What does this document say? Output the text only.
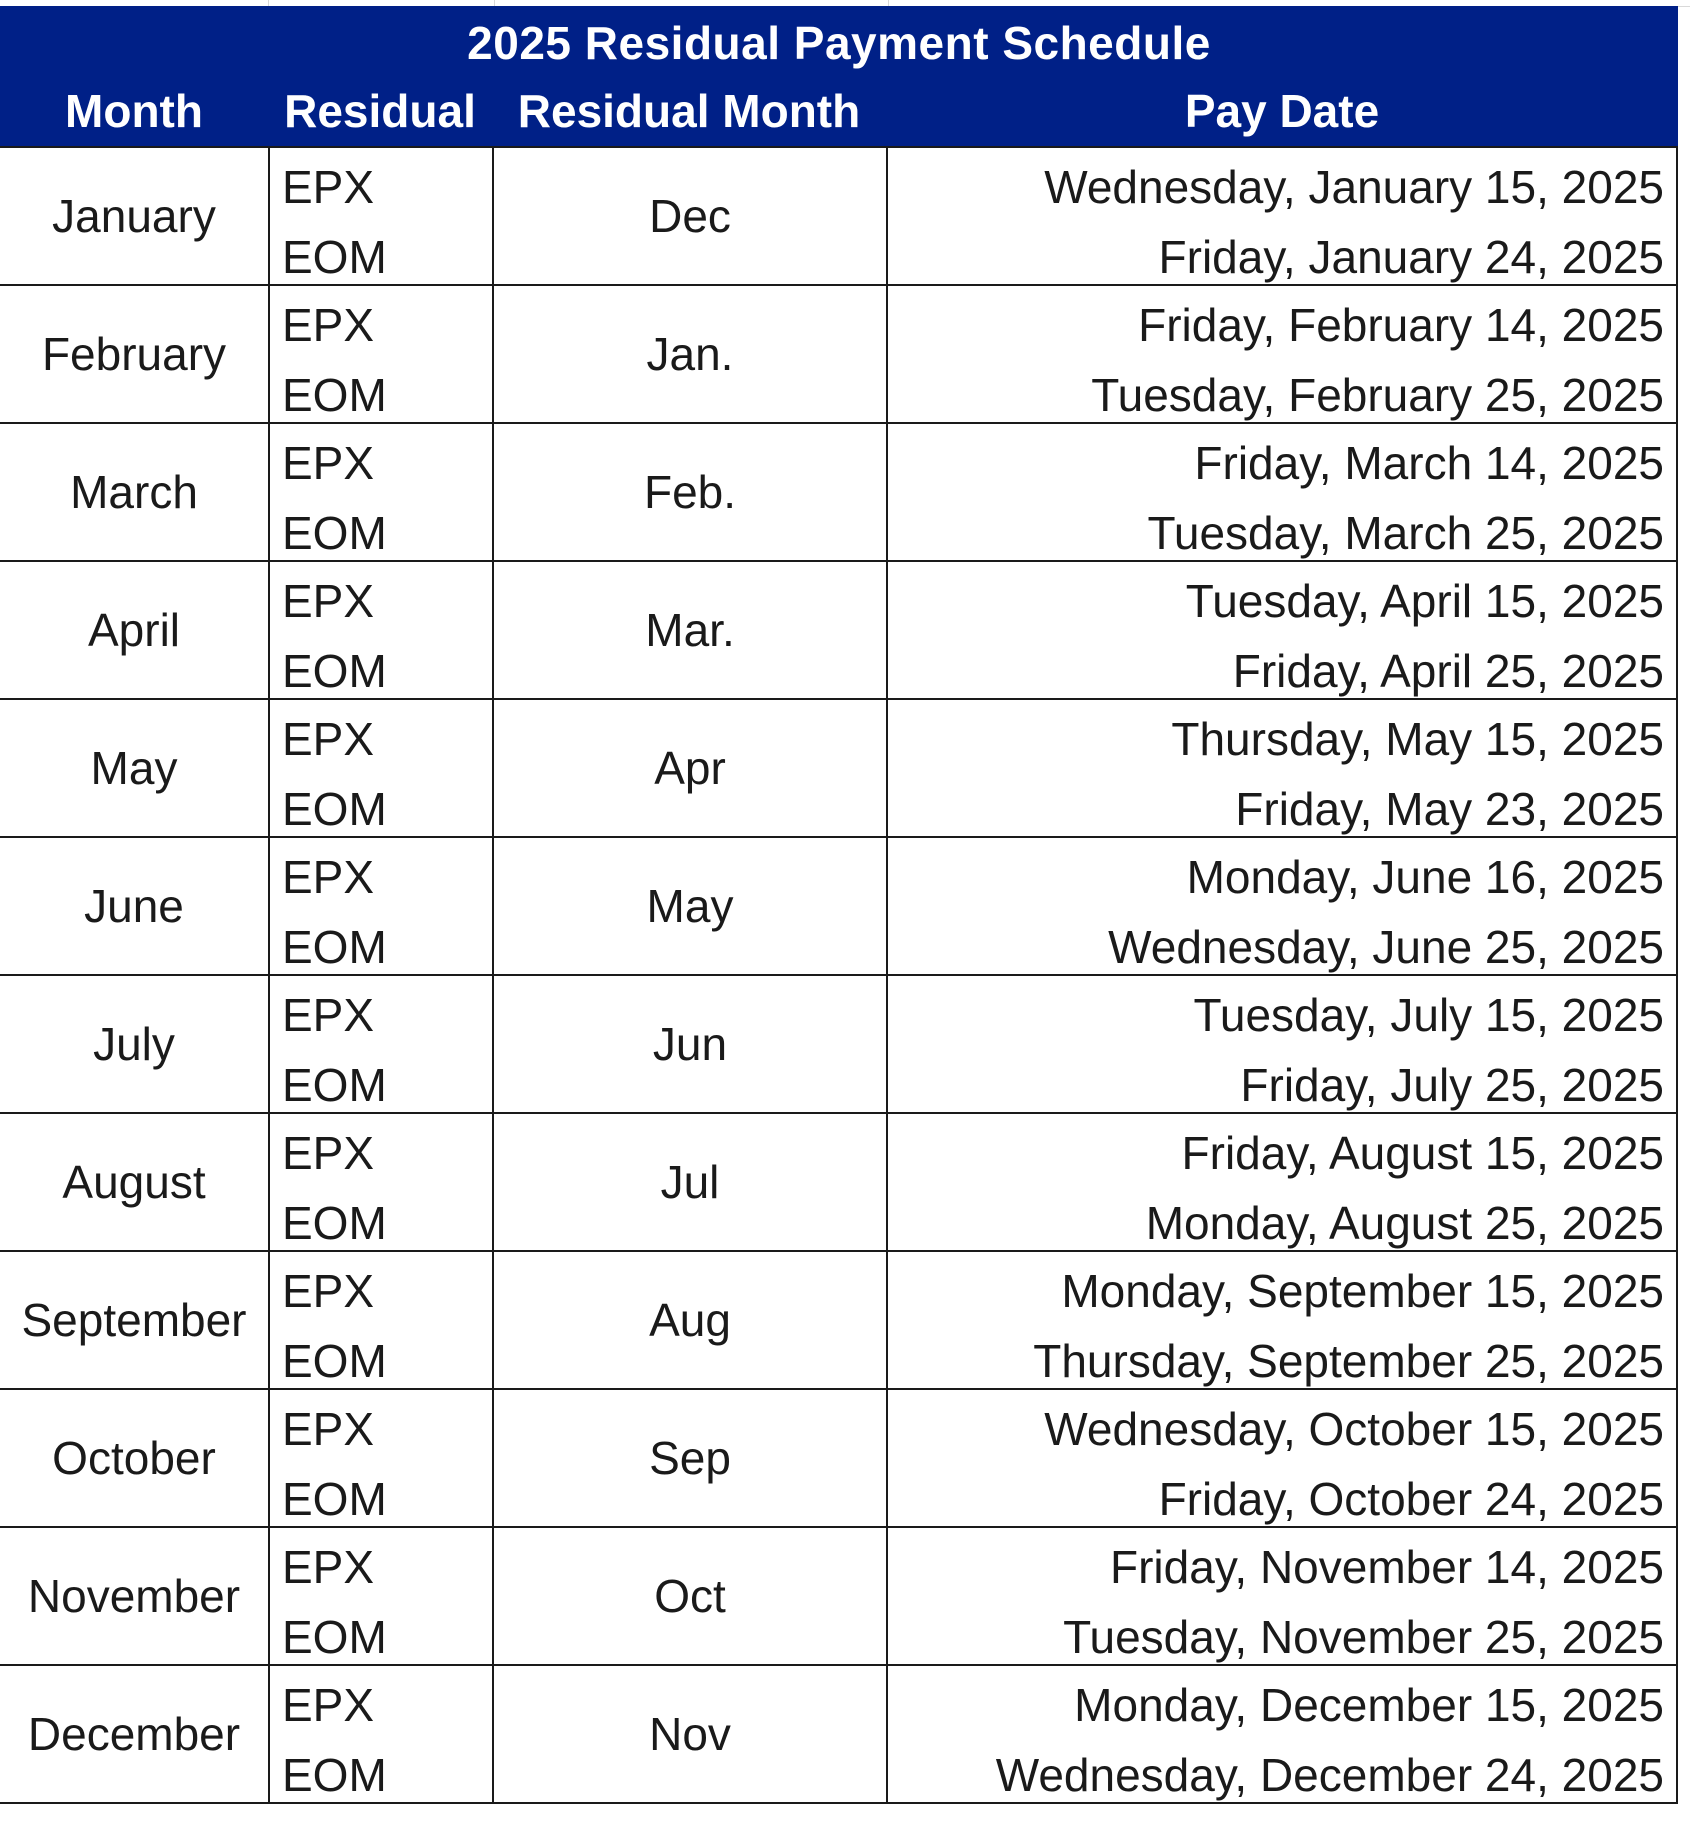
2025 Residual Payment Schedule
Month	Residual Residual Month	Pay Date
January
EPX
EOM
Dec
Wednesday, January 15, 2025
Friday, January 24, 2025
February
EPX
EOM
Jan.
Friday, February 14, 2025
Tuesday, February 25, 2025
March
EPX
EOM
Feb.
Friday, March 14, 2025
Tuesday, March 25, 2025
April
EPX
EOM
Mar.
Tuesday, April 15, 2025
Friday, April 25, 2025
May
EPX
EOM
Apr
Thursday, May 15, 2025
Friday, May 23, 2025
June
EPX
EOM
May
Monday, June 16, 2025
Wednesday, June 25, 2025
July
EPX
EOM
Jun
Tuesday, July 15, 2025
Friday, July 25, 2025
August
EPX
EOM
Jul
Friday, August 15, 2025
Monday, August 25, 2025
September
EPX
EOM
Aug
Monday, September 15, 2025
Thursday, September 25, 2025
October
EPX
EOM
Sep
Wednesday, October 15, 2025
Friday, October 24, 2025
November
EPX
EOM
Oct
Friday, November 14, 2025
Tuesday, November 25, 2025
December
EPX
EOM
Nov
Monday, December 15, 2025
Wednesday, December 24, 2025
